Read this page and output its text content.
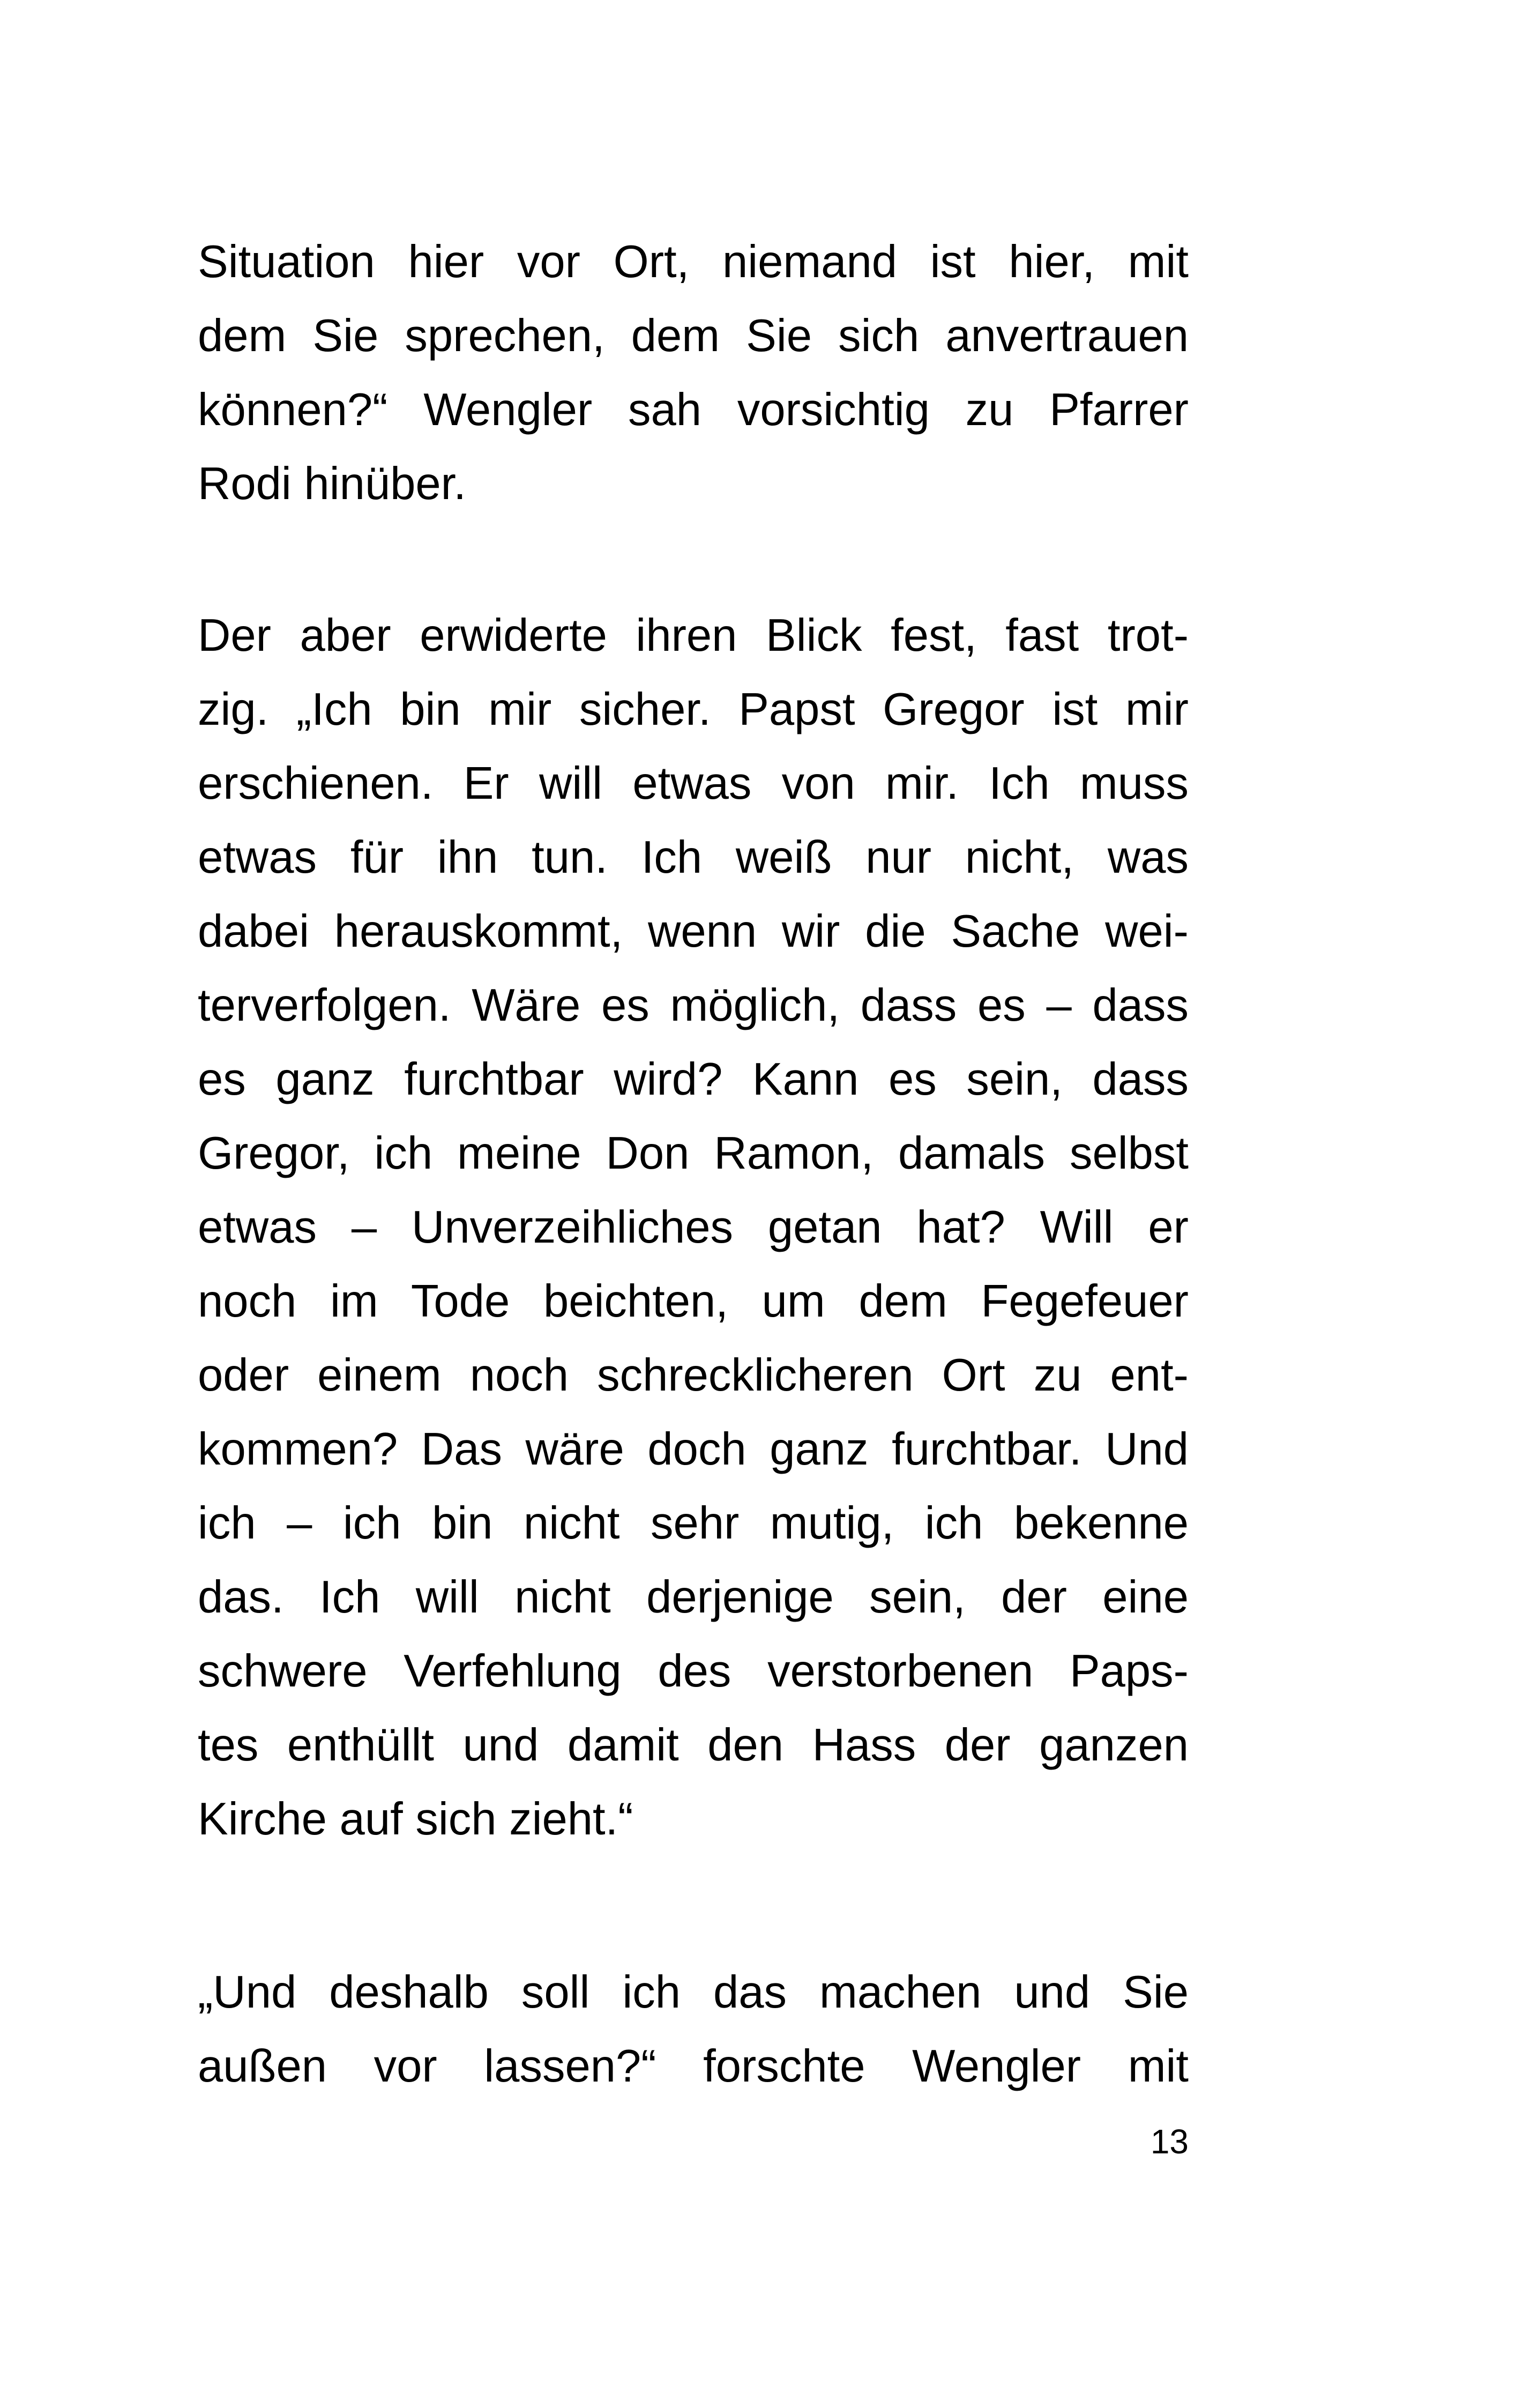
Situation hier vor Ort, niemand ist hier, mit
dem Sie sprechen, dem Sie sich anvertrauen
können?“ Wengler sah vorsichtig zu Pfarrer
Rodi hinüber.
Der aber erwiderte ihren Blick fest, fast trot-
zig. „Ich bin mir sicher. Papst Gregor ist mir
erschienen. Er will etwas von mir. Ich muss
etwas für ihn tun. Ich weiß nur nicht, was
dabei herauskommt, wenn wir die Sache wei-
terverfolgen. Wäre es möglich, dass es – dass
es ganz furchtbar wird? Kann es sein, dass
Gregor, ich meine Don Ramon, damals selbst
etwas – Unverzeihliches getan hat? Will er
noch im Tode beichten, um dem Fegefeuer
oder einem noch schrecklicheren Ort zu ent-
kommen? Das wäre doch ganz furchtbar. Und
ich – ich bin nicht sehr mutig, ich bekenne
das. Ich will nicht derjenige sein, der eine
schwere Verfehlung des verstorbenen Paps-
tes enthüllt und damit den Hass der ganzen
Kirche auf sich zieht.“
„Und deshalb soll ich das machen und Sie
außen vor lassen?“ forschte Wengler mit
13
